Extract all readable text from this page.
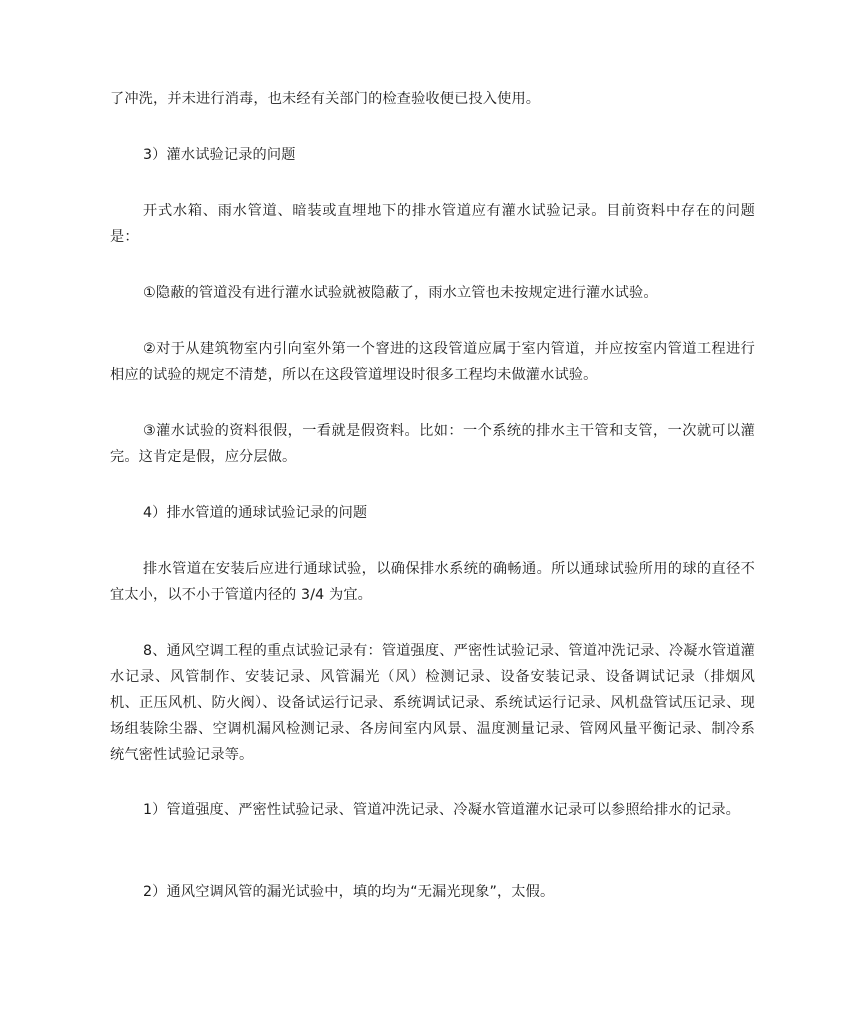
了冲洗，并未进行消毒，也未经有关部门的检查验收便已投入使用。

3）灌水试验记录的问题

开式水箱、雨水管道、暗装或直埋地下的排水管道应有灌水试验记录。目前资料中存在的问题是：

①隐蔽的管道没有进行灌水试验就被隐蔽了，雨水立管也未按规定进行灌水试验。

②对于从建筑物室内引向室外第一个窨进的这段管道应属于室内管道，并应按室内管道工程进行相应的试验的规定不清楚，所以在这段管道埋设时很多工程均未做灌水试验。

③灌水试验的资料很假，一看就是假资料。比如：一个系统的排水主干管和支管，一次就可以灌完。这肯定是假，应分层做。

4）排水管道的通球试验记录的问题

排水管道在安装后应进行通球试验，以确保排水系统的确畅通。所以通球试验所用的球的直径不宜太小，以不小于管道内径的 3/4 为宜。

8、通风空调工程的重点试验记录有：管道强度、严密性试验记录、管道冲洗记录、冷凝水管道灌水记录、风管制作、安装记录、风管漏光（风）检测记录、设备安装记录、设备调试记录（排烟风机、正压风机、防火阀）、设备试运行记录、系统调试记录、系统试运行记录、风机盘管试压记录、现场组装除尘器、空调机漏风检测记录、各房间室内风景、温度测量记录、管网风量平衡记录、制冷系统气密性试验记录等。

1）管道强度、严密性试验记录、管道冲洗记录、冷凝水管道灌水记录可以参照给排水的记录。

2）通风空调风管的漏光试验中，填的均为“无漏光现象”，太假。
